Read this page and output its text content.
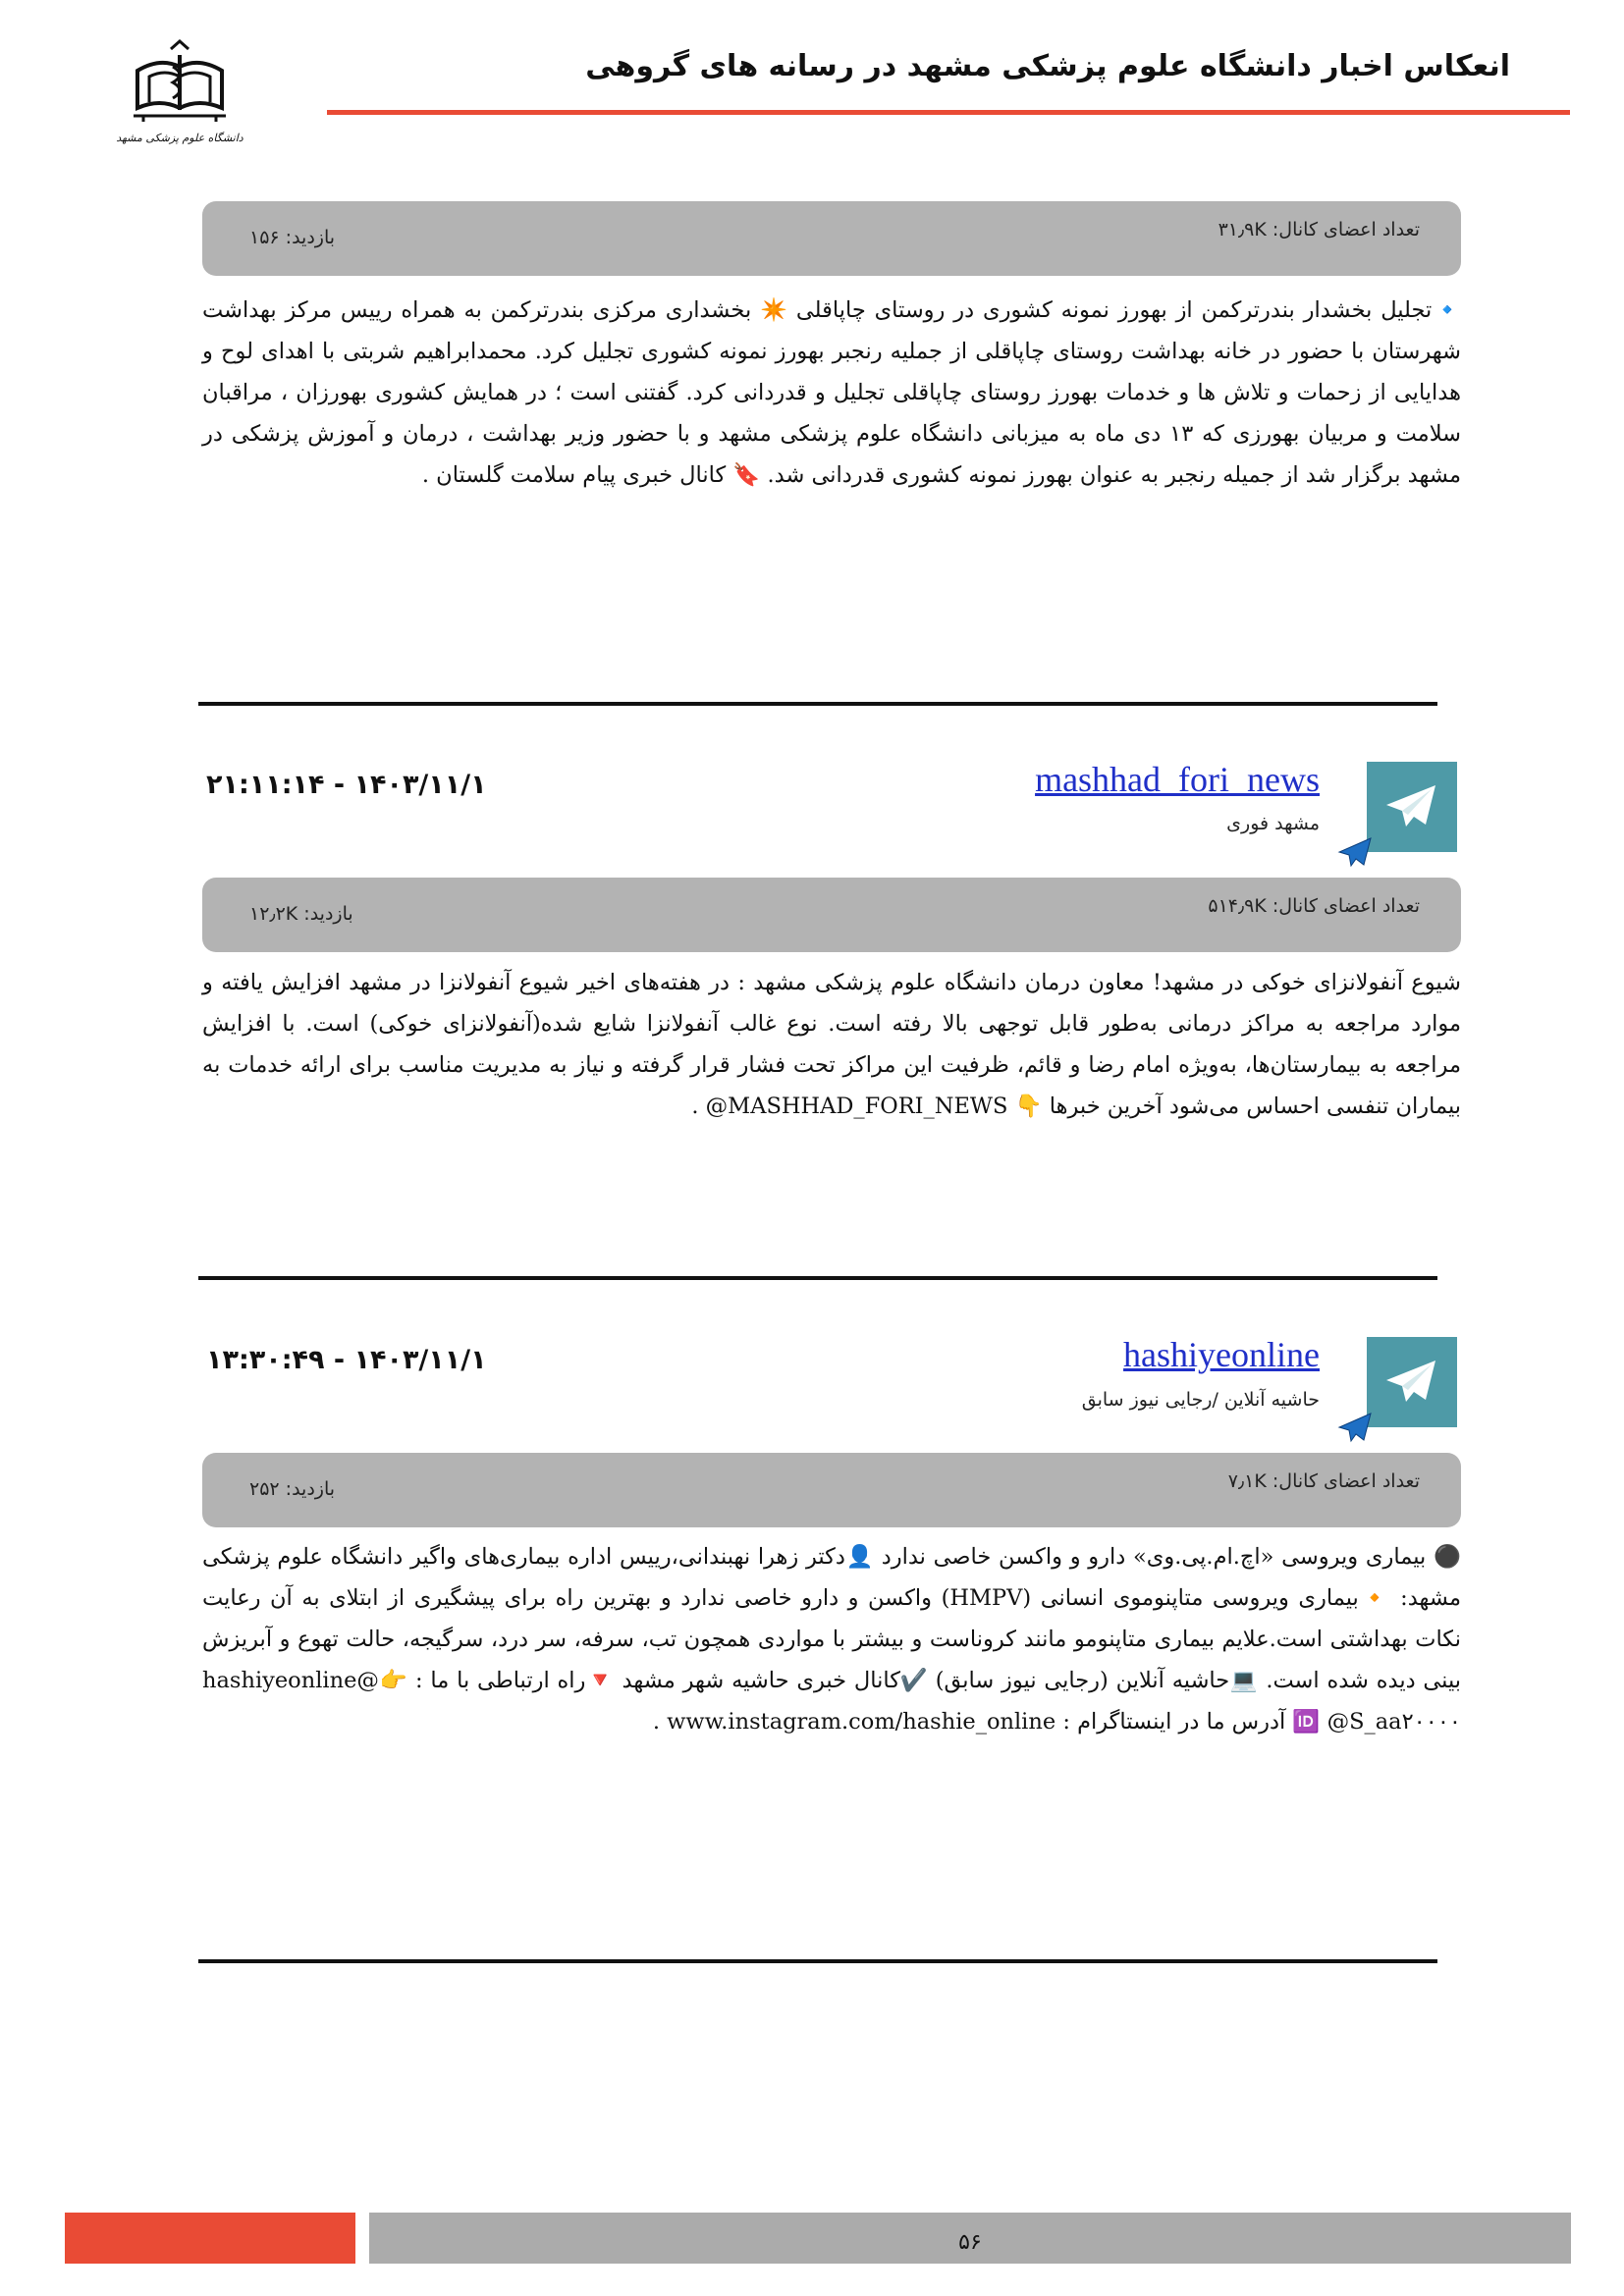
دانشگاه علوم پزشکی مشهد
انعکاس اخبار دانشگاه علوم پزشکی مشهد در رسانه های گروهی
تعداد اعضای کانال: ۳۱٫۹K
بازدید: ۱۵۶
🔹تجلیل بخشدار بندرترکمن از بهورز نمونه کشوری در روستای چاپاقلی ✴️ بخشداری مرکزی بندرترکمن به همراه رییس مرکز بهداشت شهرستان با حضور در خانه بهداشت روستای چاپاقلی از جملیه رنجبر بهورز نمونه کشوری تجلیل کرد. محمدابراهیم شربتی با اهدای لوح و هدایایی از زحمات و تلاش ها و خدمات بهورز روستای چاپاقلی تجلیل و قدردانی کرد. گفتنی است ؛ در همایش کشوری بهورزان ، مراقبان سلامت و مربیان بهورزی که ۱۳ دی ماه به میزبانی دانشگاه علوم پزشکی مشهد و با حضور وزیر بهداشت ، درمان و آموزش پزشکی در مشهد برگزار شد از جمیله رنجبر به عنوان بهورز نمونه کشوری قدردانی شد. 🔖 کانال خبری پیام سلامت گلستان .
mashhad_fori_news
مشهد فوری
۱۴۰۳/۱۱/۱ - ۲۱:۱۱:۱۴
تعداد اعضای کانال: ۵۱۴٫۹K
بازدید: ۱۲٫۲K
شیوع آنفولانزای خوکی در مشهد! معاون درمان دانشگاه علوم پزشکی مشهد : در هفته‌های اخیر شیوع آنفولانزا در مشهد افزایش یافته و موارد مراجعه به مراکز درمانی به‌طور قابل توجهی بالا رفته است. نوع غالب آنفولانزا شایع شده(آنفولانزای خوکی) است. با افزایش مراجعه به بیمارستان‌ها، به‌ویژه امام رضا و قائم، ظرفیت این مراکز تحت فشار قرار گرفته و نیاز به مدیریت مناسب برای ارائه خدمات به بیماران تنفسی احساس می‌شود آخرین خبرها 👇 MASHHAD_FORI_NEWS@ .
hashiyeonline
حاشیه آنلاین /رجایی نیوز سابق
۱۴۰۳/۱۱/۱ - ۱۳:۳۰:۴۹
تعداد اعضای کانال: ۷٫۱K
بازدید: ۲۵۲
⚫️ بیماری ویروسی «اچ.ام.پی.وی» دارو و واکسن خاصی ندارد 👤دکتر زهرا نهبندانی،رییس اداره بیماری‌های واگیر دانشگاه علوم پزشکی مشهد: 🔸بیماری ویروسی متاپنوموی انسانی (HMPV) واکسن و دارو خاصی ندارد و بهترین راه برای پیشگیری از ابتلای به آن رعایت نکات بهداشتی است.علایم بیماری متاپنومو مانند کروناست و بیشتر با مواردی همچون تب، سرفه، سر درد، سرگیجه، حالت تهوع و آبریزش بینی دیده شده است. 💻حاشیه آنلاین (رجایی نیوز سابق) ✔️کانال خبری حاشیه شهر مشهد 🔻راه ارتباطی با ما : 👉@hashiyeonline 🆔 @S_aa۲۰۰۰۰ آدرس ما در اینستاگرام : www.instagram.com/hashie_online .
۵۶
